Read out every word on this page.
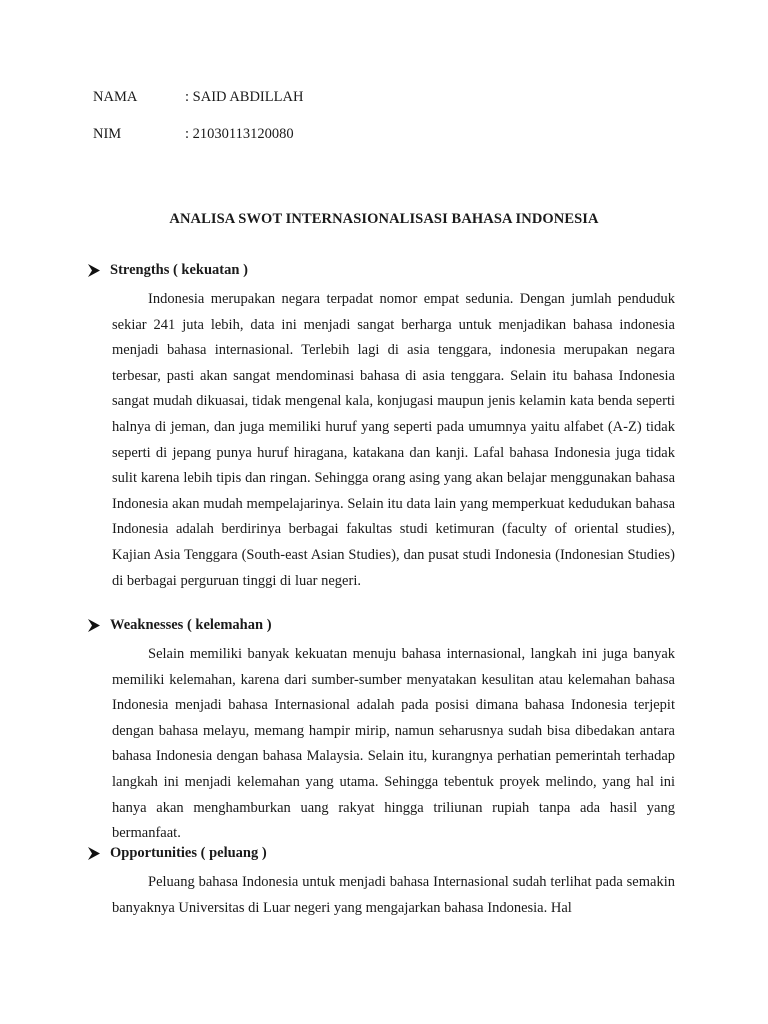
NAMA	: SAID ABDILLAH
NIM	: 21030113120080
ANALISA SWOT INTERNASIONALISASI BAHASA INDONESIA
Strengths ( kekuatan )

Indonesia merupakan negara terpadat nomor empat sedunia. Dengan jumlah penduduk sekiar 241 juta lebih, data ini menjadi sangat berharga untuk menjadikan bahasa indonesia menjadi bahasa internasional. Terlebih lagi di asia tenggara, indonesia merupakan negara terbesar, pasti akan sangat mendominasi bahasa di asia tenggara. Selain itu bahasa Indonesia sangat mudah dikuasai, tidak mengenal kala, konjugasi maupun jenis kelamin kata benda seperti halnya di jeman, dan juga memiliki huruf yang seperti pada umumnya yaitu alfabet (A-Z) tidak seperti di jepang punya huruf hiragana, katakana dan kanji. Lafal bahasa Indonesia juga tidak sulit karena lebih tipis dan ringan. Sehingga orang asing yang akan belajar menggunakan bahasa Indonesia akan mudah mempelajarinya. Selain itu data lain yang memperkuat kedudukan bahasa Indonesia adalah berdirinya berbagai fakultas studi ketimuran (faculty of oriental studies), Kajian Asia Tenggara (South-east Asian Studies), dan pusat studi Indonesia (Indonesian Studies) di berbagai perguruan tinggi di luar negeri.

Weaknesses ( kelemahan )

Selain memiliki banyak kekuatan menuju bahasa internasional, langkah ini juga banyak memiliki kelemahan, karena dari sumber-sumber menyatakan kesulitan atau kelemahan bahasa Indonesia menjadi bahasa Internasional adalah pada posisi dimana bahasa Indonesia terjepit dengan bahasa melayu, memang hampir mirip, namun seharusnya sudah bisa dibedakan antara bahasa Indonesia dengan bahasa Malaysia. Selain itu, kurangnya perhatian pemerintah terhadap langkah ini menjadi kelemahan yang utama. Sehingga tebentuk proyek melindo, yang hal ini hanya akan menghamburkan uang rakyat hingga triliunan rupiah tanpa ada hasil yang bermanfaat.

Opportunities ( peluang )

Peluang bahasa Indonesia untuk menjadi bahasa Internasional sudah terlihat pada semakin banyaknya Universitas di Luar negeri yang mengajarkan bahasa Indonesia. Hal
